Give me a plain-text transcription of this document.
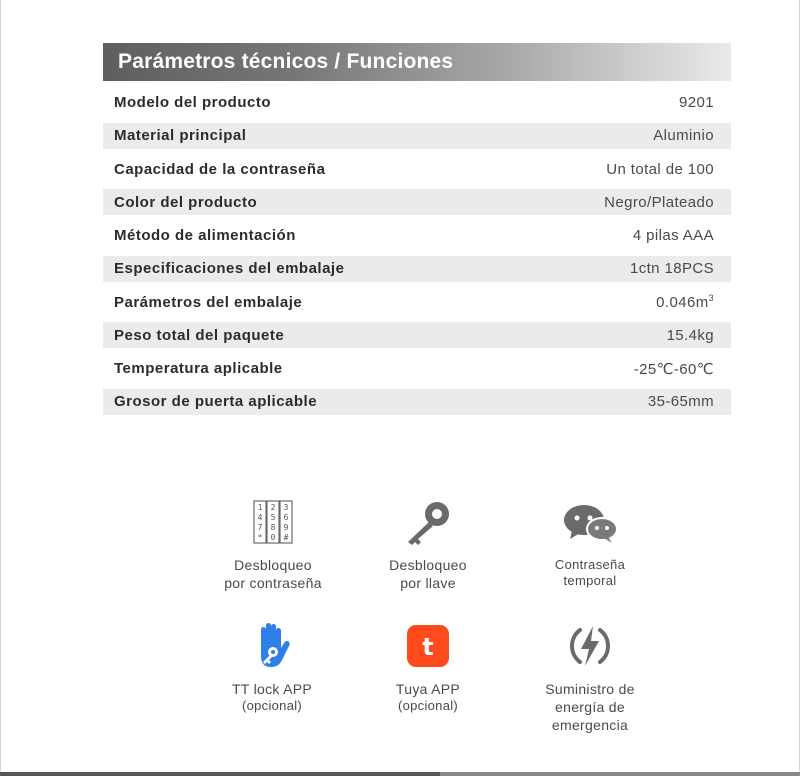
Parámetros técnicos / Funciones
Modelo del producto	9201
Material principal	Aluminio
Capacidad de la contraseña	Un total de 100
Color del producto	Negro/Plateado
Método de alimentación	4 pilas AAA
Especificaciones del embalaje	1ctn 18PCS
Parámetros del embalaje	$0.046m^3$
Peso total del paquete	15.4kg
Temperatura aplicable	-25℃-60℃
Grosor de puerta aplicable	35-65mm
1 2 3
4 5 6
7 8 9
* 0 #
Desbloqueo
por contraseña
Desbloqueo
por llave
Contraseña
temporal
TT lock APP
(opcional)
t
Tuya APP
(opcional)
Suministro de
energía de
emergencia
